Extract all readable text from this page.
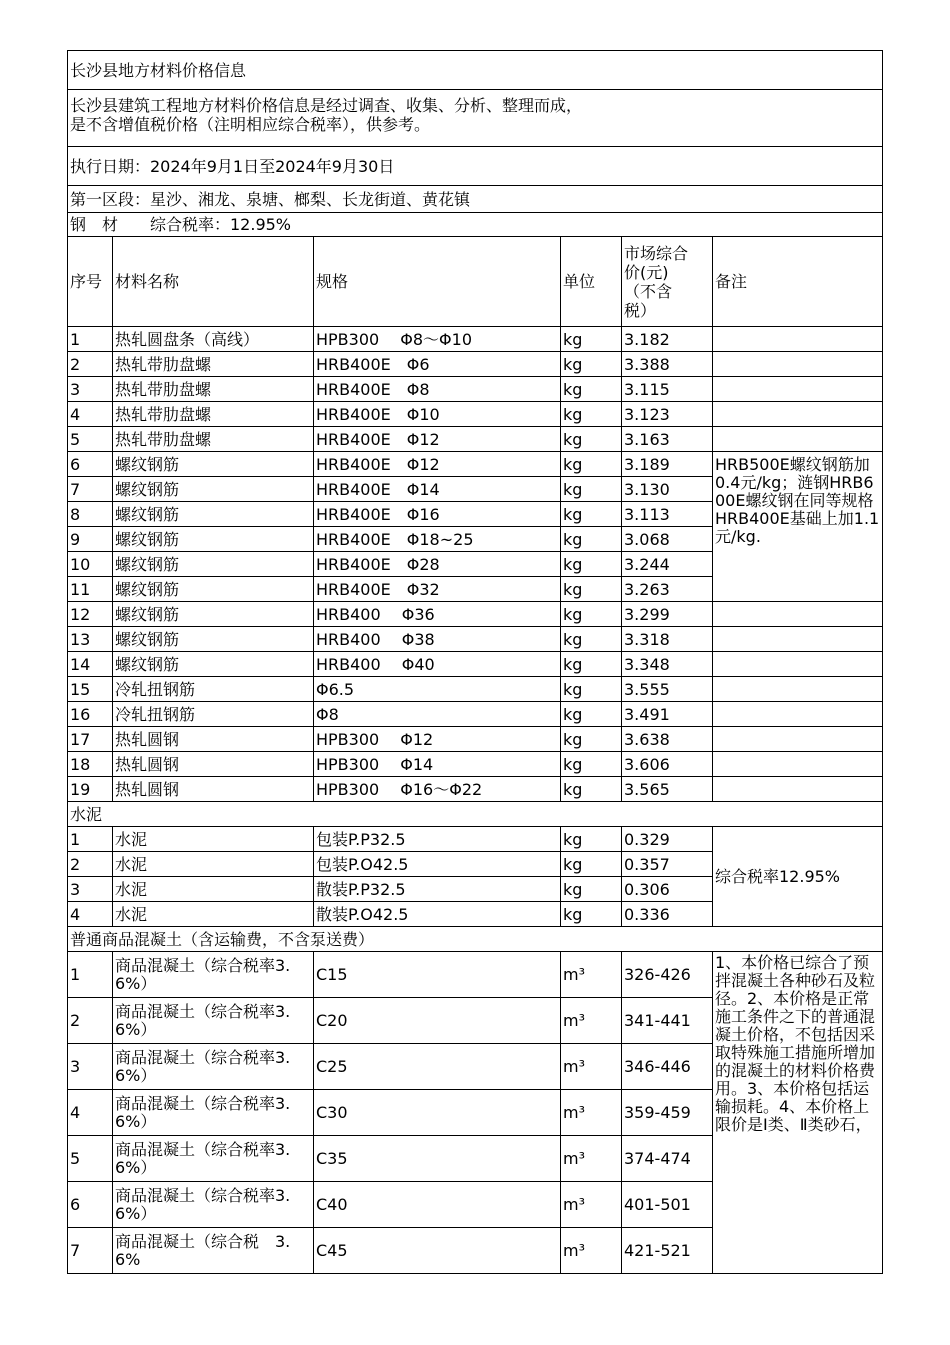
长沙县地方材料价格信息					

长沙县建筑工程地方材料价格信息是经过调查、收集、分析、整理而成，
是不含增值税价格（注明相应综合税率），供参考。					

执行日期：2024年9月1日至2024年9月30日					
第一区段：星沙、湘龙、泉塘、榔梨、长龙街道、黄花镇					
钢　材　　综合税率：12.95%					
序号	材料名称	规格	单位	市场综合
价(元)
（不含
税）	备注
1	热轧圆盘条（高线）	HPB300　 Φ8～Φ10	kg	3.182	
2	热轧带肋盘螺	HRB400E　Φ6	kg	3.388	
3	热轧带肋盘螺	HRB400E　Φ8	kg	3.115	
4	热轧带肋盘螺	HRB400E　Φ10	kg	3.123	
5	热轧带肋盘螺	HRB400E　Φ12	kg	3.163	
6	螺纹钢筋	HRB400E　Φ12	kg	3.189	HRB500E螺纹钢筋加0.4元/kg；涟钢HRB600E螺纹钢在同等规格HRB400E基础上加1.1元/kg.
7	螺纹钢筋	HRB400E　Φ14	kg	3.130	
8	螺纹钢筋	HRB400E　Φ16	kg	3.113	
9	螺纹钢筋	HRB400E　Φ18~25	kg	3.068	
10	螺纹钢筋	HRB400E　Φ28	kg	3.244	
11	螺纹钢筋	HRB400E　Φ32	kg	3.263	
12	螺纹钢筋	HRB400　 Φ36	kg	3.299	
13	螺纹钢筋	HRB400　 Φ38	kg	3.318	
14	螺纹钢筋	HRB400　 Φ40	kg	3.348	
15	冷轧扭钢筋	Φ6.5	kg	3.555	
16	冷轧扭钢筋	Φ8	kg	3.491	
17	热轧圆钢	HPB300　 Φ12	kg	3.638	
18	热轧圆钢	HPB300　 Φ14	kg	3.606	
19	热轧圆钢	HPB300　 Φ16～Φ22	kg	3.565	
水泥					
1	水泥	包装P.P32.5	kg	0.329	综合税率12.95%
2	水泥	包装P.O42.5	kg	0.357	
3	水泥	散装P.P32.5	kg	0.306	
4	水泥	散装P.O42.5	kg	0.336	
普通商品混凝土（含运输费，不含泵送费）					
1	商品混凝土（综合税率3.6%）	C15	m³	326-426	1、本价格已综合了预拌混凝土各种砂石及粒径。2、本价格是正常施工条件之下的普通混凝土价格，不包括因采取特殊施工措施所增加的混凝土的材料价格费用。3、本价格包括运输损耗。4、本价格上限价是Ⅰ类、Ⅱ类砂石，
2	商品混凝土（综合税率3.6%）	C20	m³	341-441	
3	商品混凝土（综合税率3.6%）	C25	m³	346-446	
4	商品混凝土（综合税率3.6%）	C30	m³	359-459	
5	商品混凝土（综合税率3.6%）	C35	m³	374-474	
6	商品混凝土（综合税率3.6%）	C40	m³	401-501	
7	商品混凝土（综合税　3.6%	C45	m³	421-521	
